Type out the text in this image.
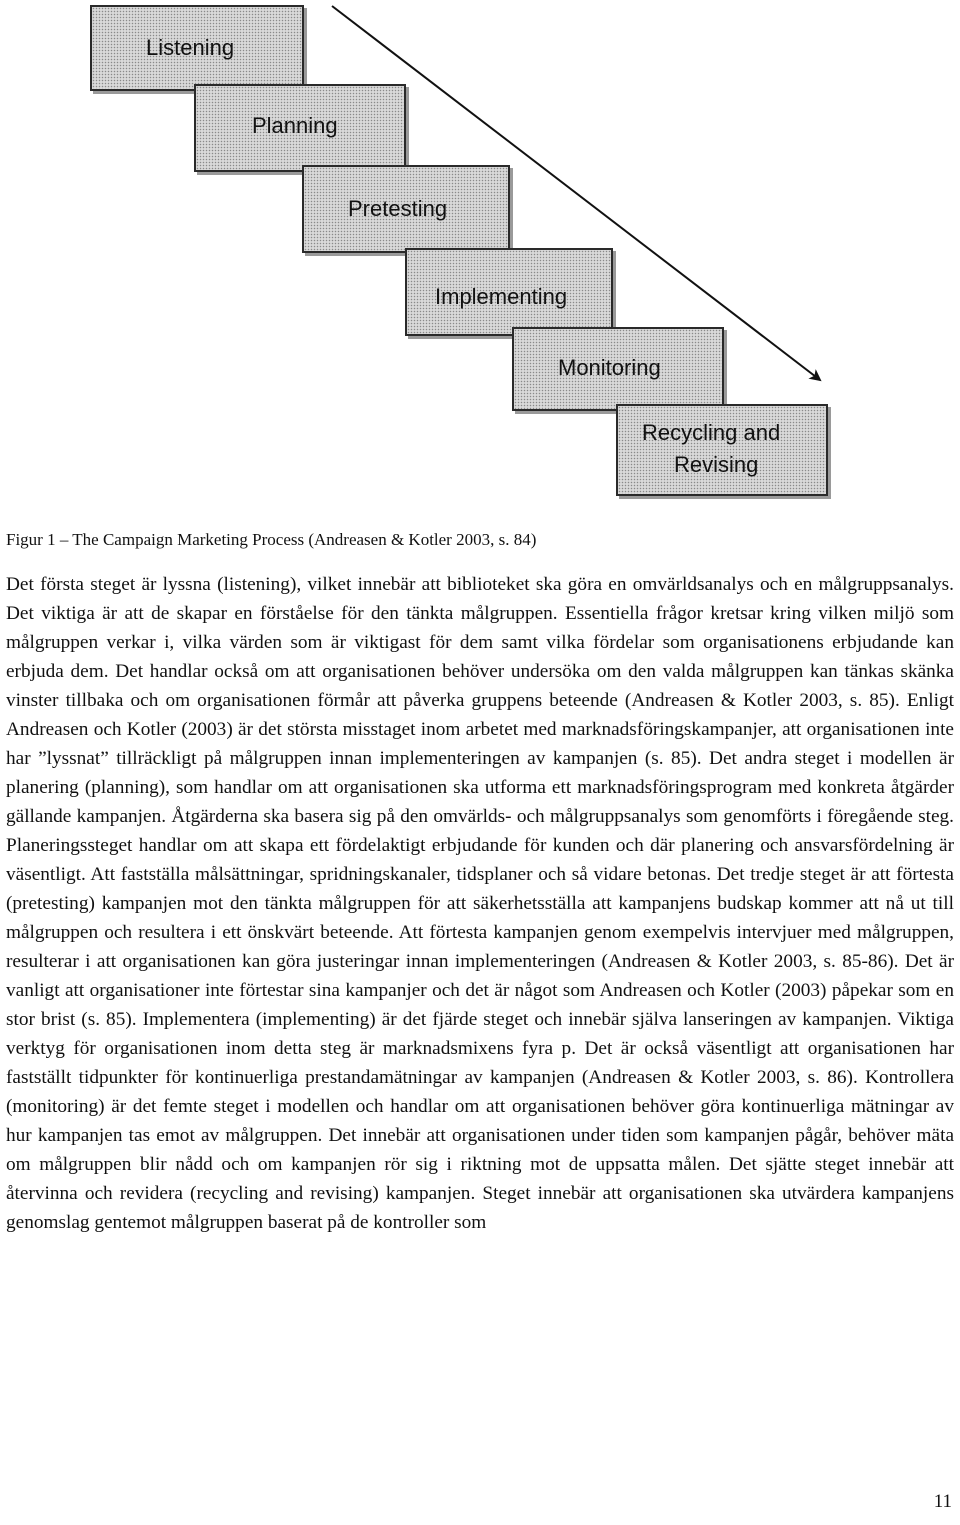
Listening
Planning
Pretesting
Implementing
Monitoring
Recycling and
Revising
Figur 1 – The Campaign Marketing Process (Andreasen & Kotler 2003, s. 84)

Det första steget är lyssna (listening), vilket innebär att biblioteket ska göra en omvärldsanalys och en målgruppsanalys. Det viktiga är att de skapar en förståelse för den tänkta målgruppen. Essentiella frågor kretsar kring vilken miljö som målgruppen verkar i, vilka värden som är viktigast för dem samt vilka fördelar som organisationens erbjudande kan erbjuda dem. Det handlar också om att organisationen behöver undersöka om den valda målgruppen kan tänkas skänka vinster tillbaka och om organisationen förmår att påverka gruppens beteende (Andreasen & Kotler 2003, s. 85). Enligt Andreasen och Kotler (2003) är det största misstaget inom arbetet med marknadsföringskampanjer, att organisationen inte har ”lyssnat” tillräckligt på målgruppen innan implementeringen av kampanjen (s. 85). Det andra steget i modellen är planering (planning), som handlar om att organisationen ska utforma ett marknadsföringsprogram med konkreta åtgärder gällande kampanjen. Åtgärderna ska basera sig på den omvärlds- och målgruppsanalys som genomförts i föregående steg. Planeringssteget handlar om att skapa ett fördelaktigt erbjudande för kunden och där planering och ansvarsfördelning är väsentligt. Att fastställa målsättningar, spridningskanaler, tidsplaner och så vidare betonas. Det tredje steget är att förtesta (pretesting) kampanjen mot den tänkta målgruppen för att säkerhetsställa att kampanjens budskap kommer att nå ut till målgruppen och resultera i ett önskvärt beteende. Att förtesta kampanjen genom exempelvis intervjuer med målgruppen, resulterar i att organisationen kan göra justeringar innan implementeringen (Andreasen & Kotler 2003, s. 85-86). Det är vanligt att organisationer inte förtestar sina kampanjer och det är något som Andreasen och Kotler (2003) påpekar som en stor brist (s. 85). Implementera (implementing) är det fjärde steget och innebär själva lanseringen av kampanjen. Viktiga verktyg för organisationen inom detta steg är marknadsmixens fyra p. Det är också väsentligt att organisationen har fastställt tidpunkter för kontinuerliga prestandamätningar av kampanjen (Andreasen & Kotler 2003, s. 86). Kontrollera (monitoring) är det femte steget i modellen och handlar om att organisationen behöver göra kontinuerliga mätningar av hur kampanjen tas emot av målgruppen. Det innebär att organisationen under tiden som kampanjen pågår, behöver mäta om målgruppen blir nådd och om kampanjen rör sig i riktning mot de uppsatta målen. Det sjätte steget innebär att återvinna och revidera (recycling and revising) kampanjen. Steget innebär att organisationen ska utvärdera kampanjens genomslag gentemot målgruppen baserat på de kontroller som

11
